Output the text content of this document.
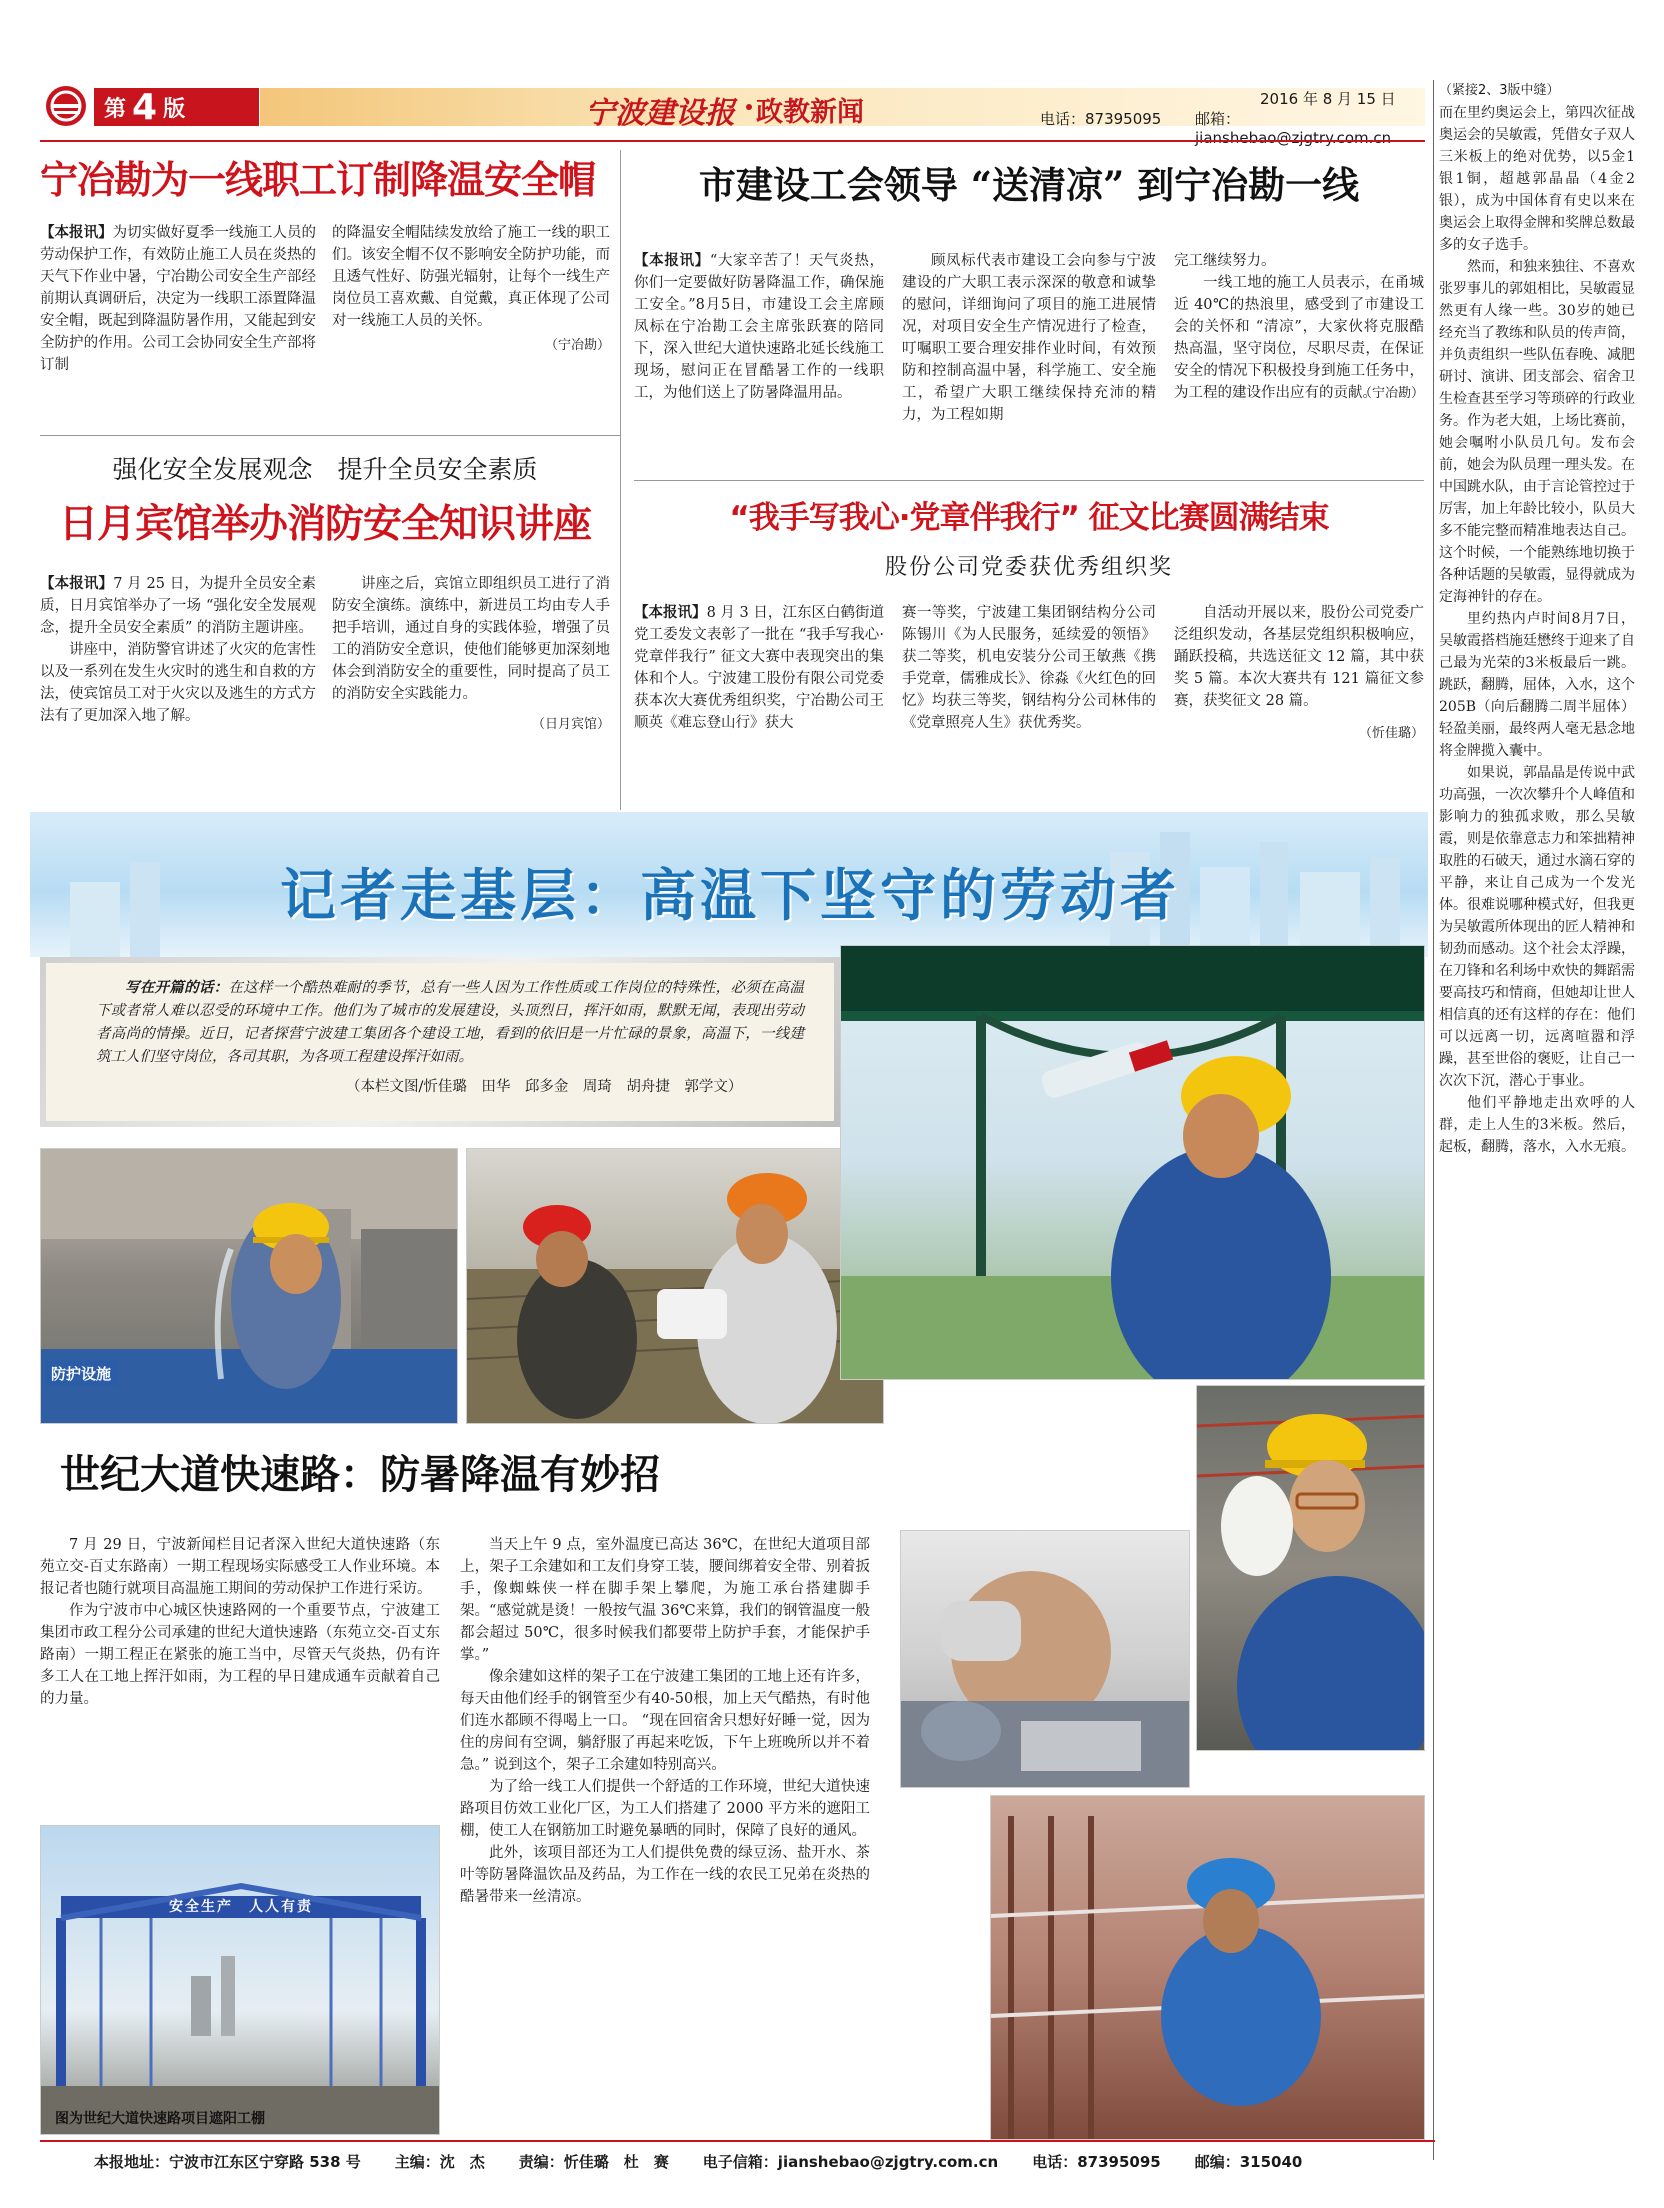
第 4 版	宁波建设报 政教新闻	2016 年 8 月 15 日
电话：87395095 邮箱：jianshebao@zjgtry.com.cn
宁冶勘为一线职工订制降温安全帽

【本报讯】为切实做好夏季一线施工人员的劳动保护工作，有效防止施工人员在炎热的天气下作业中暑，宁冶勘公司安全生产部经前期认真调研后，决定为一线职工添置降温安全帽，既起到降温防暑作用，又能起到安全防护的作用。公司工会协同安全生产部将订制

的降温安全帽陆续发放给了施工一线的职工们。该安全帽不仅不影响安全防护功能，而且透气性好、防强光辐射，让每个一线生产岗位员工喜欢戴、自觉戴，真正体现了公司对一线施工人员的关怀。

（宁冶勘）
市建设工会领导 “送清凉” 到宁冶勘一线

【本报讯】“大家辛苦了！天气炎热，你们一定要做好防暑降温工作，确保施工安全。”8月5日，市建设工会主席顾凤标在宁冶勘工会主席张跃赛的陪同下，深入世纪大道快速路北延长线施工现场，慰问正在冒酷暑工作的一线职工，为他们送上了防暑降温用品。

顾凤标代表市建设工会向参与宁波建设的广大职工表示深深的敬意和诚挚的慰问，详细询问了项目的施工进展情况，对项目安全生产情况进行了检查，叮嘱职工要合理安排作业时间，有效预防和控制高温中暑，科学施工、安全施工，希望广大职工继续保持充沛的精力，为工程如期

完工继续努力。

一线工地的施工人员表示，在甬城近 40℃的热浪里，感受到了市建设工会的关怀和 “清凉”，大家伙将克服酷热高温，坚守岗位，尽职尽责，在保证安全的情况下积极投身到施工任务中，为工程的建设作出应有的贡献。

（宁冶勘）
强化安全发展观念　提升全员安全素质
日月宾馆举办消防安全知识讲座

【本报讯】7 月 25 日，为提升全员安全素质，日月宾馆举办了一场 “强化安全发展观念，提升全员安全素质” 的消防主题讲座。

讲座中，消防警官讲述了火灾的危害性以及一系列在发生火灾时的逃生和自救的方法，使宾馆员工对于火灾以及逃生的方式方法有了更加深入地了解。

讲座之后，宾馆立即组织员工进行了消防安全演练。演练中，新进员工均由专人手把手培训，通过自身的实践体验，增强了员工的消防安全意识，使他们能够更加深刻地体会到消防安全的重要性，同时提高了员工的消防安全实践能力。

（日月宾馆）
“我手写我心·党章伴我行” 征文比赛圆满结束
股份公司党委获优秀组织奖

【本报讯】8 月 3 日，江东区白鹤街道党工委发文表彰了一批在 “我手写我心·党章伴我行” 征文大赛中表现突出的集体和个人。宁波建工股份有限公司党委获本次大赛优秀组织奖，宁冶勘公司王顺英《难忘登山行》获大

赛一等奖，宁波建工集团钢结构分公司陈锡川《为人民服务，延续爱的领悟》获二等奖，机电安装分公司王敏燕《携手党章，儒雅成长》、徐淼《火红色的回忆》均获三等奖，钢结构分公司林伟的《党章照亮人生》获优秀奖。

自活动开展以来，股份公司党委广泛组织发动，各基层党组织积极响应，踊跃投稿，共选送征文 12 篇，其中获奖 5 篇。本次大赛共有 121 篇征文参赛，获奖征文 28 篇。

（忻佳璐）
记者走基层：高温下坚守的劳动者

写在开篇的话：在这样一个酷热难耐的季节，总有一些人因为工作性质或工作岗位的特殊性，必须在高温下或者常人难以忍受的环境中工作。他们为了城市的发展建设，头顶烈日，挥汗如雨，默默无闻，表现出劳动者高尚的情操。近日，记者探营宁波建工集团各个建设工地，看到的依旧是一片忙碌的景象，高温下，一线建筑工人们坚守岗位，各司其职，为各项工程建设挥汗如雨。

（本栏文图/忻佳璐　田华　邱多金　周琦　胡舟捷　郭学文）
防护设施
安全生产　人人有责
图为世纪大道快速路项目遮阳工棚
世纪大道快速路：防暑降温有妙招

7 月 29 日，宁波新闻栏目记者深入世纪大道快速路（东苑立交-百丈东路南）一期工程现场实际感受工人作业环境。本报记者也随行就项目高温施工期间的劳动保护工作进行采访。

作为宁波市中心城区快速路网的一个重要节点，宁波建工集团市政工程分公司承建的世纪大道快速路（东苑立交-百丈东路南）一期工程正在紧张的施工当中，尽管天气炎热，仍有许多工人在工地上挥汗如雨，为工程的早日建成通车贡献着自己的力量。

当天上午 9 点，室外温度已高达 36℃，在世纪大道项目部上，架子工余建如和工友们身穿工装，腰间绑着安全带、别着扳手，像蜘蛛侠一样在脚手架上攀爬，为施工承台搭建脚手架。“感觉就是烫！一般按气温 36℃来算，我们的钢管温度一般都会超过 50℃，很多时候我们都要带上防护手套，才能保护手掌。”

像余建如这样的架子工在宁波建工集团的工地上还有许多，每天由他们经手的钢管至少有40-50根，加上天气酷热，有时他们连水都顾不得喝上一口。 “现在回宿舍只想好好睡一觉，因为住的房间有空调，躺舒服了再起来吃饭，下午上班晚所以并不着急。” 说到这个，架子工余建如特别高兴。

为了给一线工人们提供一个舒适的工作环境，世纪大道快速路项目仿效工业化厂区，为工人们搭建了 2000 平方米的遮阳工棚，使工人在钢筋加工时避免暴晒的同时，保障了良好的通风。

此外，该项目部还为工人们提供免费的绿豆汤、盐开水、茶叶等防暑降温饮品及药品，为工作在一线的农民工兄弟在炎热的酷暑带来一丝清凉。

（紧接2、3版中缝）

而在里约奥运会上，第四次征战奥运会的吴敏霞，凭借女子双人三米板上的绝对优势，以5金1银1铜，超越郭晶晶（4金2银），成为中国体育有史以来在奥运会上取得金牌和奖牌总数最多的女子选手。

然而，和独来独往、不喜欢张罗事儿的郭姐相比，吴敏霞显然更有人缘一些。30岁的她已经充当了教练和队员的传声筒，并负责组织一些队伍春晚、减肥研讨、演讲、团支部会、宿舍卫生检查甚至学习等琐碎的行政业务。作为老大姐，上场比赛前，她会嘱咐小队员几句。发布会前，她会为队员理一理头发。在中国跳水队，由于言论管控过于厉害，加上年龄比较小，队员大多不能完整而精准地表达自己。这个时候，一个能熟练地切换于各种话题的吴敏霞，显得就成为定海神针的存在。

里约热内卢时间8月7日，吴敏霞搭档施廷懋终于迎来了自己最为光荣的3米板最后一跳。跳跃，翻腾，屈体，入水，这个205B（向后翻腾二周半屈体）轻盈美丽，最终两人毫无悬念地将金牌揽入囊中。

如果说，郭晶晶是传说中武功高强，一次次攀升个人峰值和影响力的独孤求败，那么吴敏霞，则是依靠意志力和笨拙精神取胜的石破天，通过水滴石穿的平静，来让自己成为一个发光体。很难说哪种模式好，但我更为吴敏霞所体现出的匠人精神和韧劲而感动。这个社会太浮躁，在刀锋和名利场中欢快的舞蹈需要高技巧和情商，但她却让世人相信真的还有这样的存在：他们可以远离一切，远离喧嚣和浮躁，甚至世俗的褒贬，让自己一次次下沉，潜心于事业。

他们平静地走出欢呼的人群，走上人生的3米板。然后，起板，翻腾，落水，入水无痕。

本报地址：宁波市江东区宁穿路 538 号 主编：沈　杰 责编：忻佳璐　杜　赛 电子信箱：jianshebao@zjgtry.com.cn 电话：87395095 邮编：315040
